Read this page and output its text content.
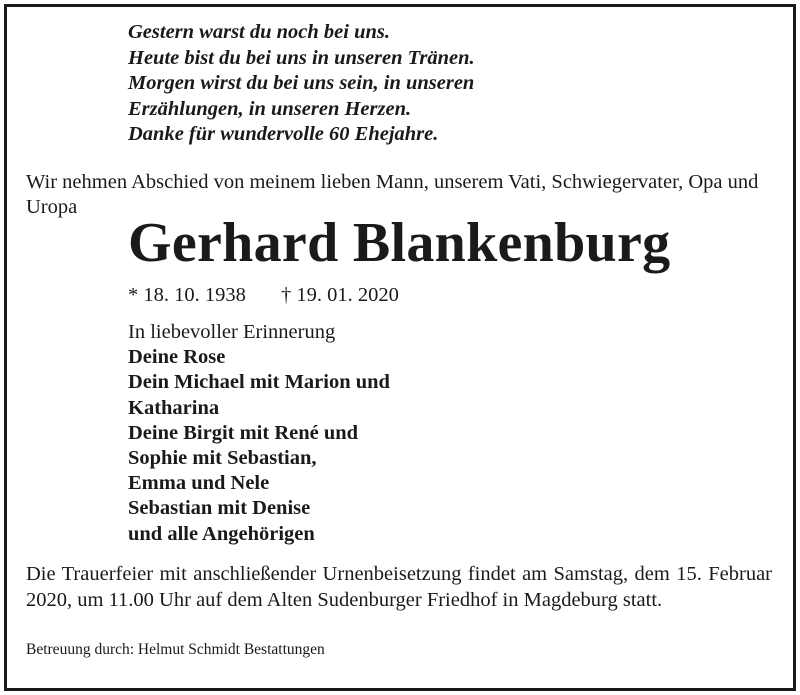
Gestern warst du noch bei uns.
Heute bist du bei uns in unseren Tränen.
Morgen wirst du bei uns sein, in unseren
Erzählungen, in unseren Herzen.
Danke für wundervolle 60 Ehejahre.
Wir nehmen Abschied von meinem lieben Mann, unserem Vati, Schwiegervater, Opa und Uropa
Gerhard Blankenburg
* 18. 10. 1938 † 19. 01. 2020
In liebevoller Erinnerung
Deine Rose
Dein Michael mit Marion und
Katharina
Deine Birgit mit René und
Sophie mit Sebastian,
Emma und Nele
Sebastian mit Denise
und alle Angehörigen
Die Trauerfeier mit anschließender Urnenbeisetzung findet am Samstag, dem 15. Februar 2020, um 11.00 Uhr auf dem Alten Sudenburger Friedhof in Magdeburg statt.
Betreuung durch: Helmut Schmidt Bestattungen
